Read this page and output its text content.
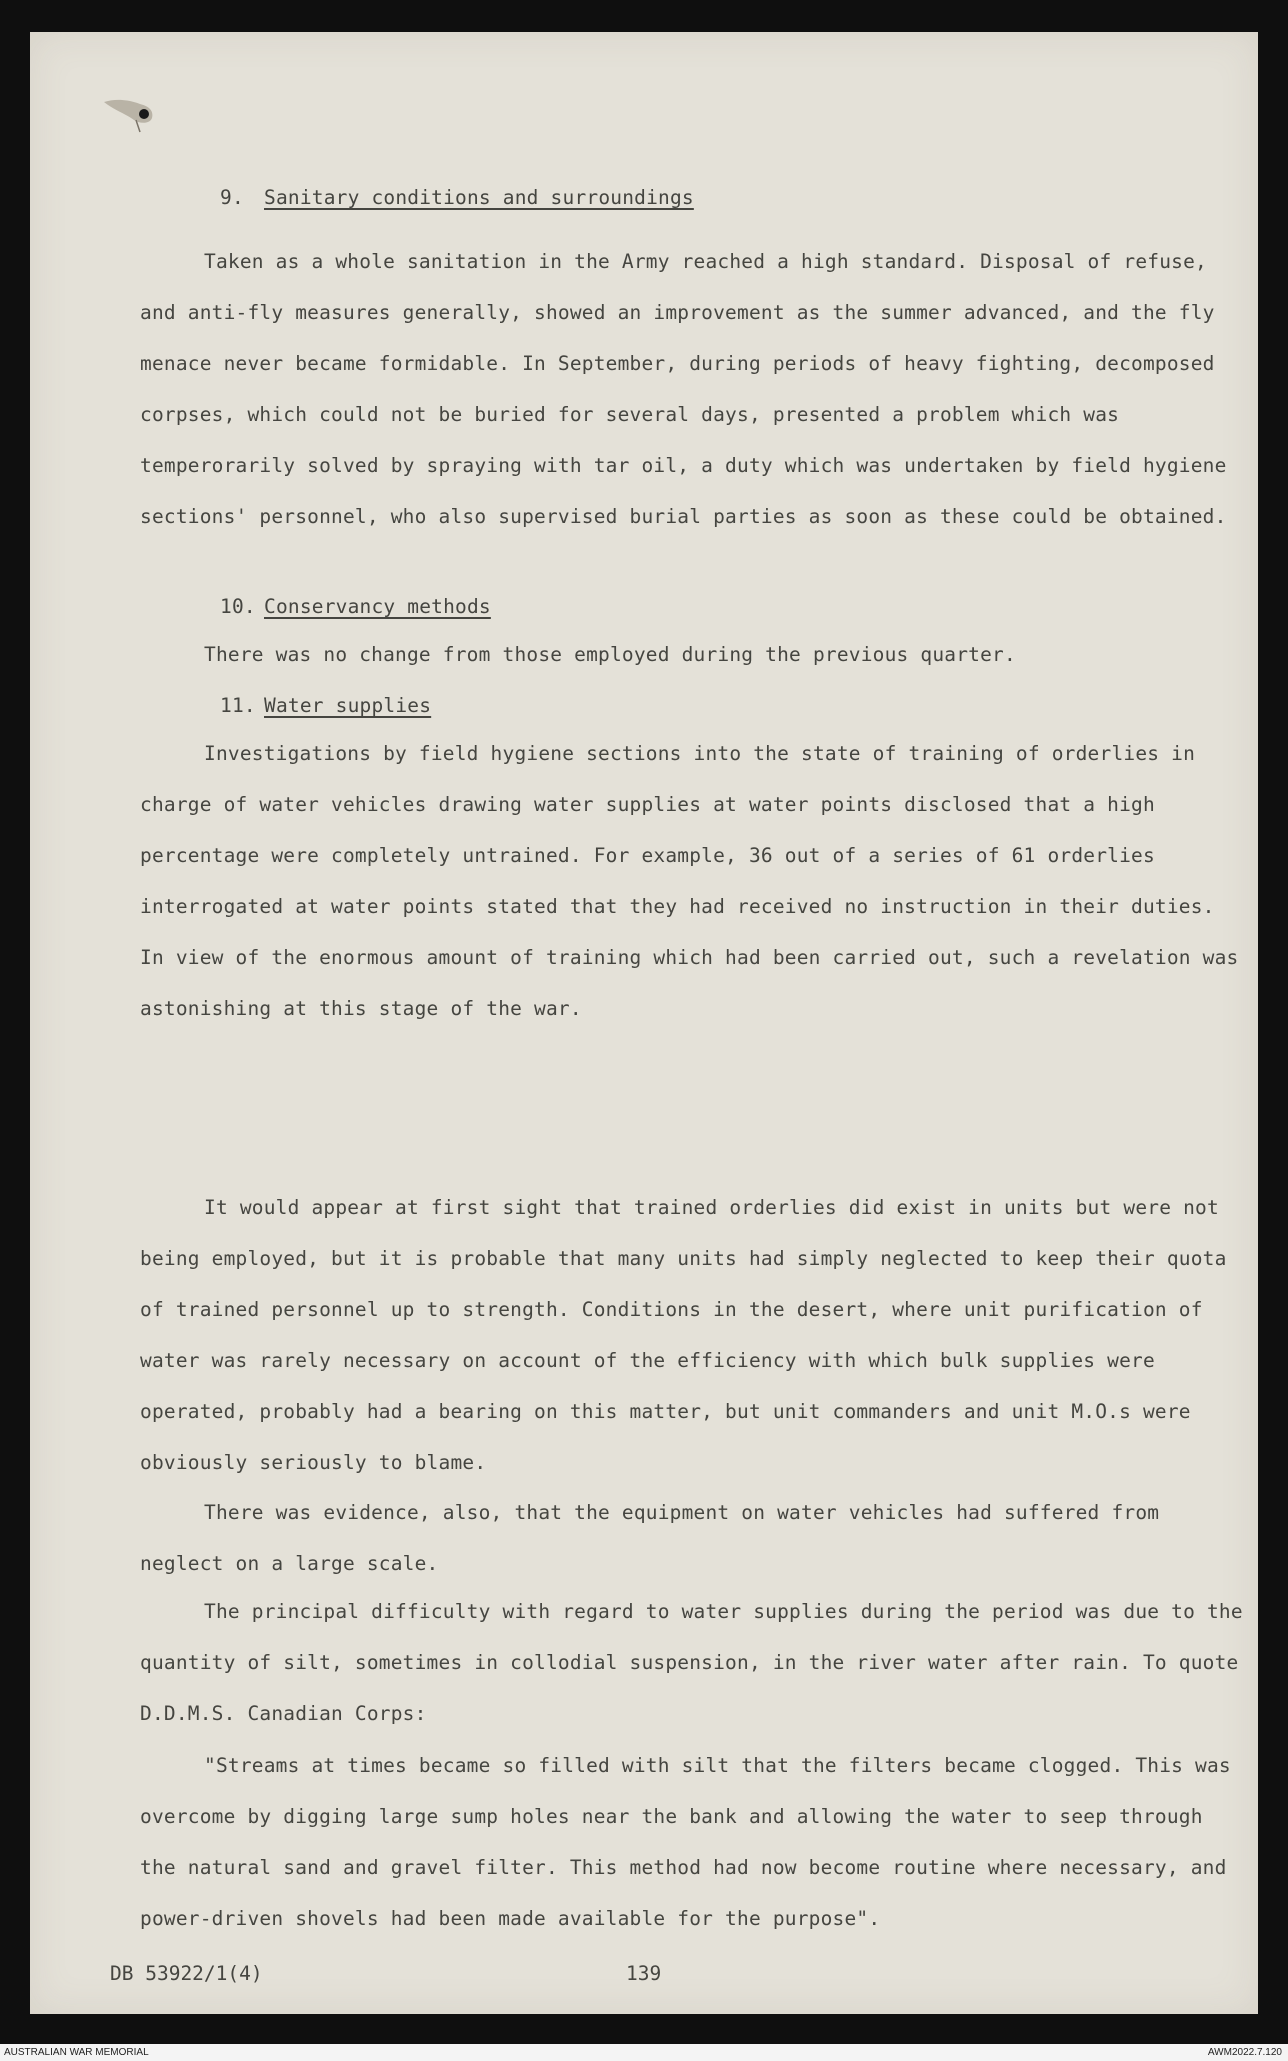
9. Sanitary conditions and surroundings

Taken as a whole sanitation in the Army reached a high standard. Disposal of refuse, and anti-fly measures generally, showed an improvement as the summer advanced, and the fly menace never became formidable. In September, during periods of heavy fighting, decomposed corpses, which could not be buried for several days, presented a problem which was temperorarily solved by spraying with tar oil, a duty which was undertaken by field hygiene sections' personnel, who also supervised burial parties as soon as these could be obtained.

10. Conservancy methods

There was no change from those employed during the previous quarter.

11. Water supplies

Investigations by field hygiene sections into the state of training of orderlies in charge of water vehicles drawing water supplies at water points disclosed that a high percentage were completely untrained. For example, 36 out of a series of 61 orderlies interrogated at water points stated that they had received no instruction in their duties. In view of the enormous amount of training which had been carried out, such a revelation was astonishing at this stage of the war.

It would appear at first sight that trained orderlies did exist in units but were not being employed, but it is probable that many units had simply neglected to keep their quota of trained personnel up to strength. Conditions in the desert, where unit purification of water was rarely necessary on account of the efficiency with which bulk supplies were operated, probably had a bearing on this matter, but unit commanders and unit M.O.s were obviously seriously to blame.

There was evidence, also, that the equipment on water vehicles had suffered from neglect on a large scale.

The principal difficulty with regard to water supplies during the period was due to the quantity of silt, sometimes in collodial suspension, in the river water after rain. To quote D.D.M.S. Canadian Corps:

"Streams at times became so filled with silt that the filters became clogged. This was overcome by digging large sump holes near the bank and allowing the water to seep through the natural sand and gravel filter. This method had now become routine where necessary, and power-driven shovels had been made available for the purpose".

DB 53922/1(4)	139
AUSTRALIAN WAR MEMORIAL	AWM2022.7.120
